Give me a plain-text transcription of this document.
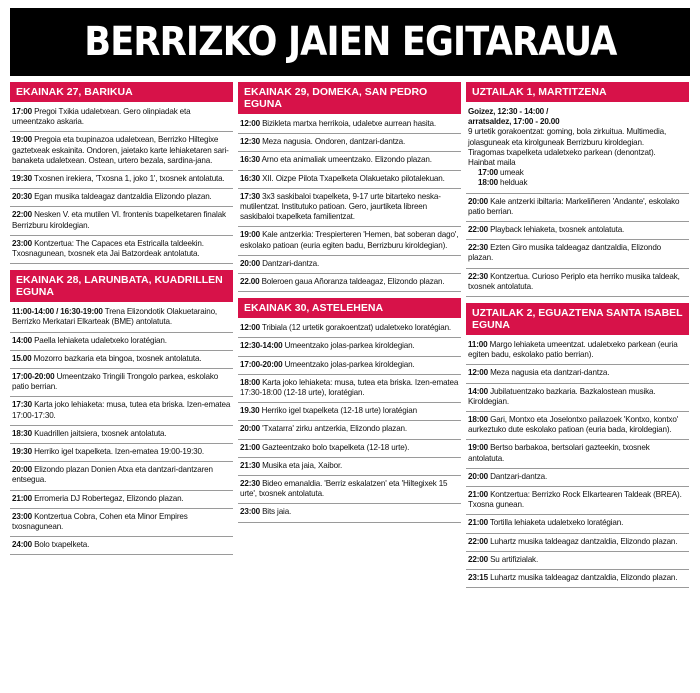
BERRIZKO JAIEN EGITARAUA
EKAINAK 27, BARIKUA
17:00 Pregoi Txikia udaletxean. Gero olinpiadak eta umeentzako askaria.
19:00 Pregoia eta txupinazoa udaletxean, Berrizko Hiltegixe gaztetxeak eskainita. Ondoren, jaietako karte lehiaketaren sari-banaketa udaletxean. Ostean, urtero bezala, sardina-jana.
19:30 Txosnen irekiera, 'Txosna 1, joko 1', txosnek antolatuta.
20:30 Egan musika taldeagaz dantzaldia Elizondo plazan.
22:00 Nesken V. eta mutilen VI. frontenis txapelketaren finalak Berrizburu kiroldegian.
23:00 Kontzertua: The Capaces eta Estricalla taldeekin. Txosnagunean, txosnek eta Jai Batzordeak antolatuta.
EKAINAK 28, LARUNBATA, KUADRILLEN EGUNA
11:00-14:00 / 16:30-19:00 Trena Elizondotik Olakuetaraino, Berrizko Merkatari Elkarteak (BME) antolatuta.
14:00 Paella lehiaketa udaletxeko loratégian.
15.00 Mozorro bazkaria eta bingoa, txosnek antolatuta.
17:00-20:00 Umeentzako Tringili Trongolo parkea, eskolako patio berrian.
17:30 Karta joko lehiaketa: musa, tutea eta briska. Izen-ematea 17:00-17:30.
18:30 Kuadrillen jaitsiera, txosnek antolatuta.
19:30 Herriko igel txapelketa. Izen-ematea 19:00-19:30.
20:00 Elizondo plazan Donien Atxa eta dantzari-dantzaren entsegua.
21:00 Erromeria DJ Robertegaz, Elizondo plazan.
23:00 Kontzertua Cobra, Cohen eta Minor Empires txosnagunean.
24:00 Bolo txapelketa.
EKAINAK 29, DOMEKA, SAN PEDRO EGUNA
12:00 Bizikleta martxa herrikoia, udaletxe aurrean hasita.
12:30 Meza nagusia. Ondoren, dantzari-dantza.
16:30 Arno eta animaliak umeentzako. Elizondo plazan.
16:30 XII. Oizpe Pilota Txapelketa Olakuetako pilotalekuan.
17:30 3x3 saskibaloi txapelketa, 9-17 urte bitarteko neska-mutilentzat. Institutuko patioan. Gero, jaurtiketa libreen saskibaloi txapelketa familientzat.
19:00 Kale antzerkia: Trespierteren 'Hemen, bat soberan dago', eskolako patioan (euria egiten badu, Berrizburu kiroldegian).
20:00 Dantzari-dantza.
22.00 Boleroen gaua Añoranza taldeagaz, Elizondo plazan.
EKAINAK 30, ASTELEHENA
12:00 Tribiala (12 urtetik gorakoentzat) udaletxeko loratégian.
12:30-14:00 Umeentzako jolas-parkea kiroldegian.
17:00-20:00 Umeentzako jolas-parkea kiroldegian.
18:00 Karta joko lehiaketa: musa, tutea eta briska. Izen-ematea 17:30-18:00 (12-18 urte), loratégian.
19.30 Herriko igel txapelketa (12-18 urte) loratégian
20:00 'Txatarra' zirku antzerkia, Elizondo plazan.
21:00 Gazteentzako bolo txapelketa (12-18 urte).
21:30 Musika eta jaia, Xaibor.
22:30 Bideo emanaldia. 'Berriz eskalatzen' eta 'Hiltegixek 15 urte', txosnek antolatuta.
23:00 Bits jaia.
UZTAILAK 1, MARTITZENA
Goizez, 12:30 - 14:00 /
arratsaldez, 17:00 - 20.00
9 urtetik gorakoentzat: goming, bola zirkuitua. Multimedia, jolasguneak eta kirolguneak Berrizburu kiroldegian.
Tiragomas txapelketa udaletxeko parkean (denontzat).
Hainbat maila
17:00 umeak
18:00 helduak
20:00 Kale antzerki ibiltaria: Markeliñeren 'Andante', eskolako patio berrian.
22:00 Playback lehiaketa, txosnek antolatuta.
22:30 Ezten Giro musika taldeagaz dantzaldia, Elizondo plazan.
22:30 Kontzertua. Curioso Periplo eta herriko musika taldeak, txosnek antolatuta.
UZTAILAK 2, EGUAZTENA SANTA ISABEL EGUNA
11:00 Margo lehiaketa umeentzat. udaletxeko parkean (euria egiten badu, eskolako patio berrian).
12:00 Meza nagusia eta dantzari-dantza.
14:00 Jubilatuentzako bazkaria. Bazkalostean musika. Kiroldegian.
18:00 Gari, Montxo eta Joselontxo pailazoek 'Kontxo, kontxo' aurkeztuko dute eskolako patioan (euria bada, kiroldegian).
19:00 Bertso barbakoa, bertsolari gazteekin, txosnek antolatuta.
20:00 Dantzari-dantza.
21:00 Kontzertua: Berrizko Rock Elkartearen Taldeak (BREA). Txosna gunean.
21:00 Tortilla lehiaketa udaletxeko loratégian.
22:00 Luhartz musika taldeagaz dantzaldia, Elizondo plazan.
22:00 Su artifizialak.
23:15 Luhartz musika taldeagaz dantzaldia, Elizondo plazan.
